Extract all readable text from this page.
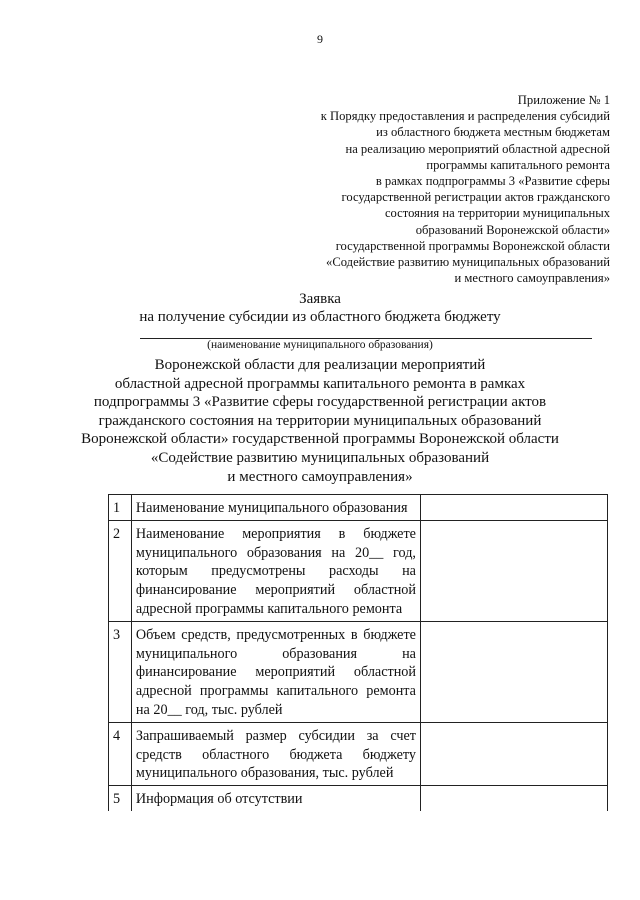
9
Приложение № 1
к Порядку предоставления и распределения субсидий
из областного бюджета местным бюджетам
на реализацию мероприятий областной адресной
программы капитального ремонта
в рамках подпрограммы 3 «Развитие сферы
государственной регистрации актов гражданского
состояния на территории муниципальных
образований Воронежской области»
государственной программы Воронежской области
«Содействие развитию муниципальных образований
и местного самоуправления»
Заявка
на получение субсидии из областного бюджета бюджету
(наименование муниципального образования)
Воронежской области для реализации мероприятий
областной адресной программы капитального ремонта в рамках
подпрограммы 3 «Развитие сферы государственной регистрации актов
гражданского состояния на территории муниципальных образований
Воронежской области» государственной программы Воронежской области
«Содействие развитию муниципальных образований
и местного самоуправления»
1	Наименование муниципального образования	
2	Наименование мероприятия в бюджете муниципального образования на 20__ год, которым предусмотрены расходы на финансирование мероприятий областной адресной программы капитального ремонта	
3	Объем средств, предусмотренных в бюджете муниципального образования на финансирование мероприятий областной адресной программы капитального ремонта на 20__ год, тыс. рублей	
4	Запрашиваемый размер субсидии за счет средств областного бюджета бюджету муниципального образования, тыс. рублей	
5	Информация об отсутствии	
